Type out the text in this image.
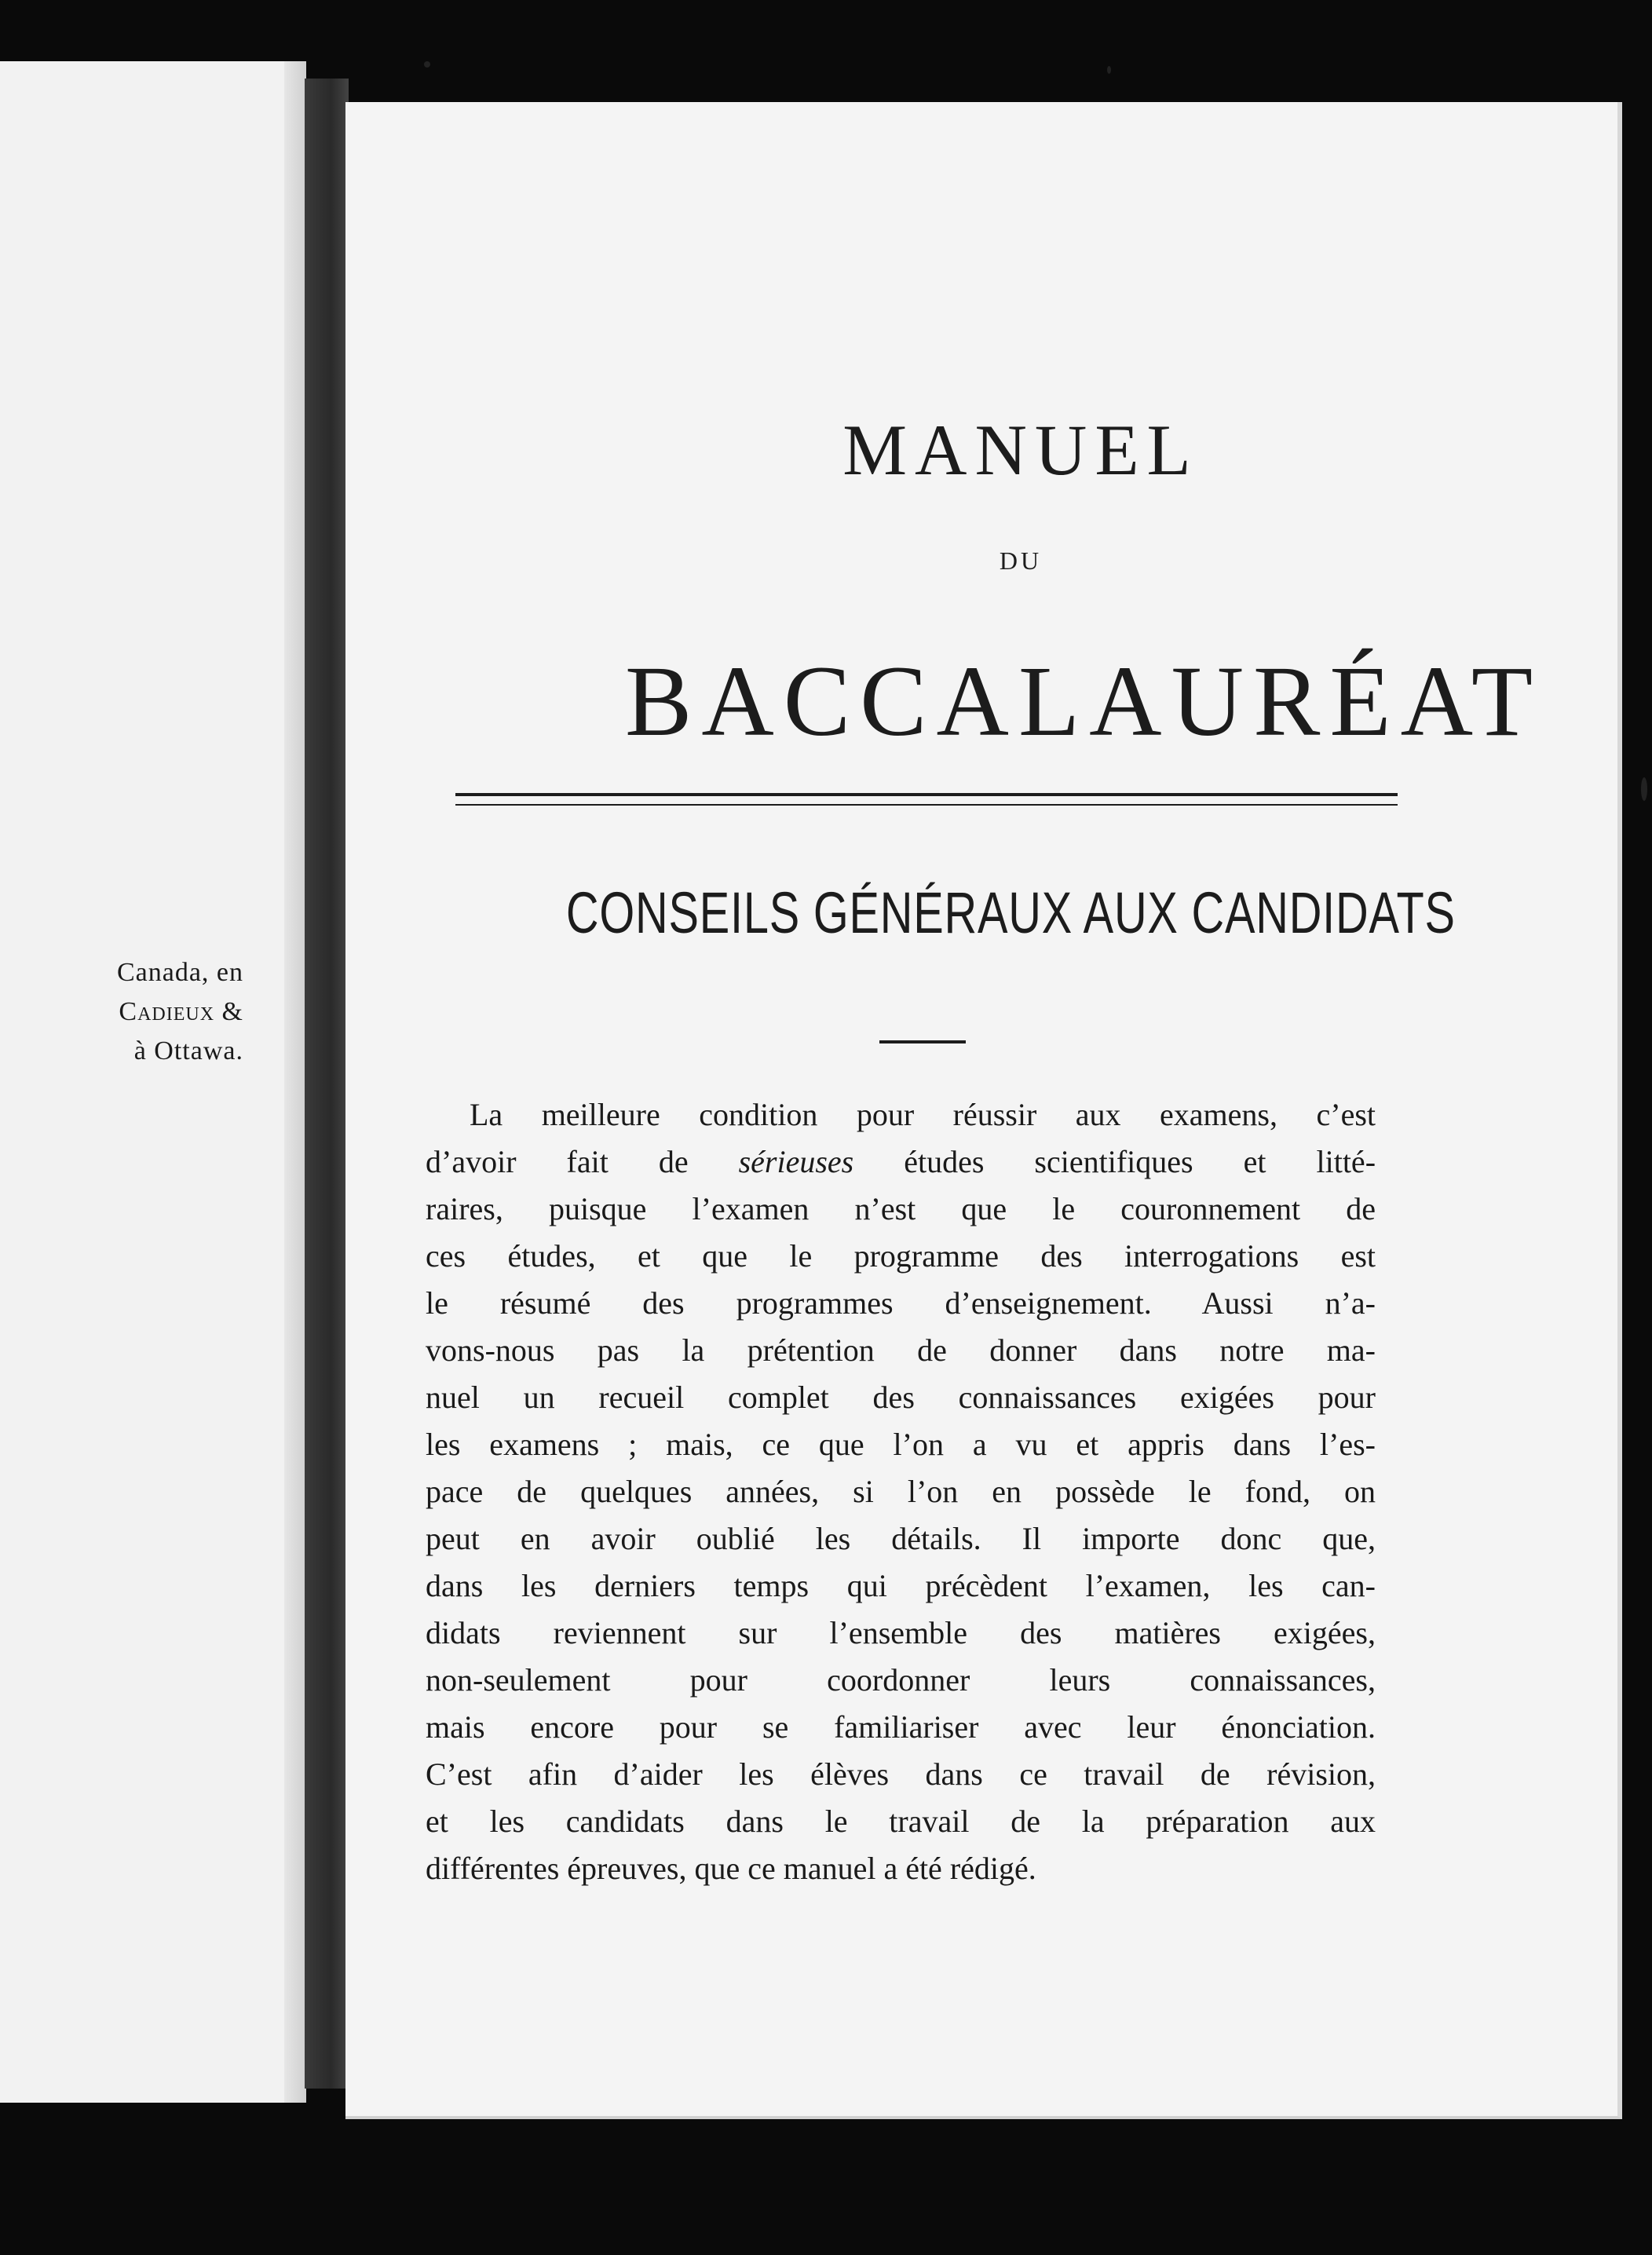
Canada, en
Cadieux &
à Ottawa.
MANUEL
DU
BACCALAURÉAT
CONSEILS GÉNÉRAUX AUX CANDIDATS
La meilleure condition pour réussir aux examens, c’est
d’avoir fait de sérieuses études scientifiques et litté-
raires, puisque l’examen n’est que le couronnement de
ces études, et que le programme des interrogations est
le résumé des programmes d’enseignement. Aussi n’a-
vons-nous pas la prétention de donner dans notre ma-
nuel un recueil complet des connaissances exigées pour
les examens ; mais, ce que l’on a vu et appris dans l’es-
pace de quelques années, si l’on en possède le fond, on
peut en avoir oublié les détails. Il importe donc que,
dans les derniers temps qui précèdent l’examen, les can-
didats reviennent sur l’ensemble des matières exigées,
non-seulement pour coordonner leurs connaissances,
mais encore pour se familiariser avec leur énonciation.
C’est afin d’aider les élèves dans ce travail de révision,
et les candidats dans le travail de la préparation aux
différentes épreuves, que ce manuel a été rédigé.
